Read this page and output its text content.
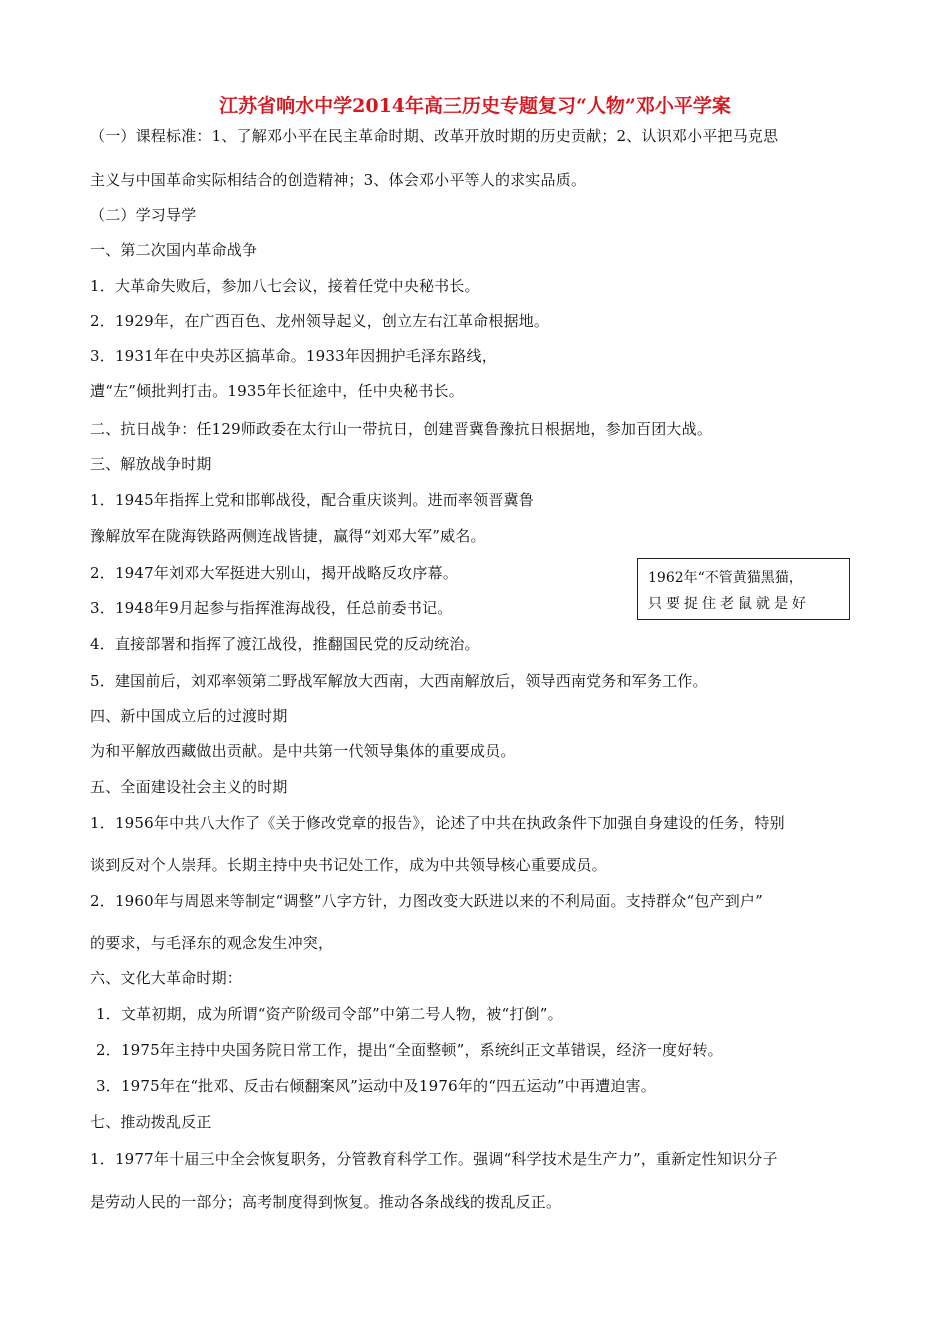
江苏省响水中学2014年高三历史专题复习“人物”邓小平学案
（一）课程标准：1、了解邓小平在民主革命时期、改革开放时期的历史贡献；2、认识邓小平把马克思
主义与中国革命实际相结合的创造精神；3、体会邓小平等人的求实品质。
（二）学习导学
一、第二次国内革命战争
1．大革命失败后，参加八七会议，接着任党中央秘书长。
2．1929年，在广西百色、龙州领导起义，创立左右江革命根据地。
3．1931年在中央苏区搞革命。1933年因拥护毛泽东路线，
遭“左”倾批判打击。1935年长征途中，任中央秘书长。
二、抗日战争：任129师政委在太行山一带抗日，创建晋冀鲁豫抗日根据地，参加百团大战。
三、解放战争时期
1．1945年指挥上党和邯郸战役，配合重庆谈判。进而率领晋冀鲁
豫解放军在陇海铁路两侧连战皆捷，赢得“刘邓大军”威名。
2．1947年刘邓大军挺进大别山，揭开战略反攻序幕。
3．1948年9月起参与指挥淮海战役，任总前委书记。
4．直接部署和指挥了渡江战役，推翻国民党的反动统治。
5．建国前后，刘邓率领第二野战军解放大西南，大西南解放后，领导西南党务和军务工作。
四、新中国成立后的过渡时期
为和平解放西藏做出贡献。是中共第一代领导集体的重要成员。
五、全面建设社会主义的时期
1．1956年中共八大作了《关于修改党章的报告》，论述了中共在执政条件下加强自身建设的任务，特别
谈到反对个人崇拜。长期主持中央书记处工作，成为中共领导核心重要成员。
2．1960年与周恩来等制定“调整”八字方针，力图改变大跃进以来的不利局面。支持群众“包产到户”
的要求，与毛泽东的观念发生冲突，
六、文化大革命时期：
1．文革初期，成为所谓“资产阶级司令部”中第二号人物，被“打倒”。
2．1975年主持中央国务院日常工作，提出“全面整顿”，系统纠正文革错误，经济一度好转。
3．1975年在“批邓、反击右倾翻案风”运动中及1976年的“四五运动”中再遭迫害。
七、推动拨乱反正
1．1977年十届三中全会恢复职务，分管教育科学工作。强调“科学技术是生产力”，重新定性知识分子
是劳动人民的一部分；高考制度得到恢复。推动各条战线的拨乱反正。
1962年“不管黄猫黑猫，
只要捉住老鼠就是好
